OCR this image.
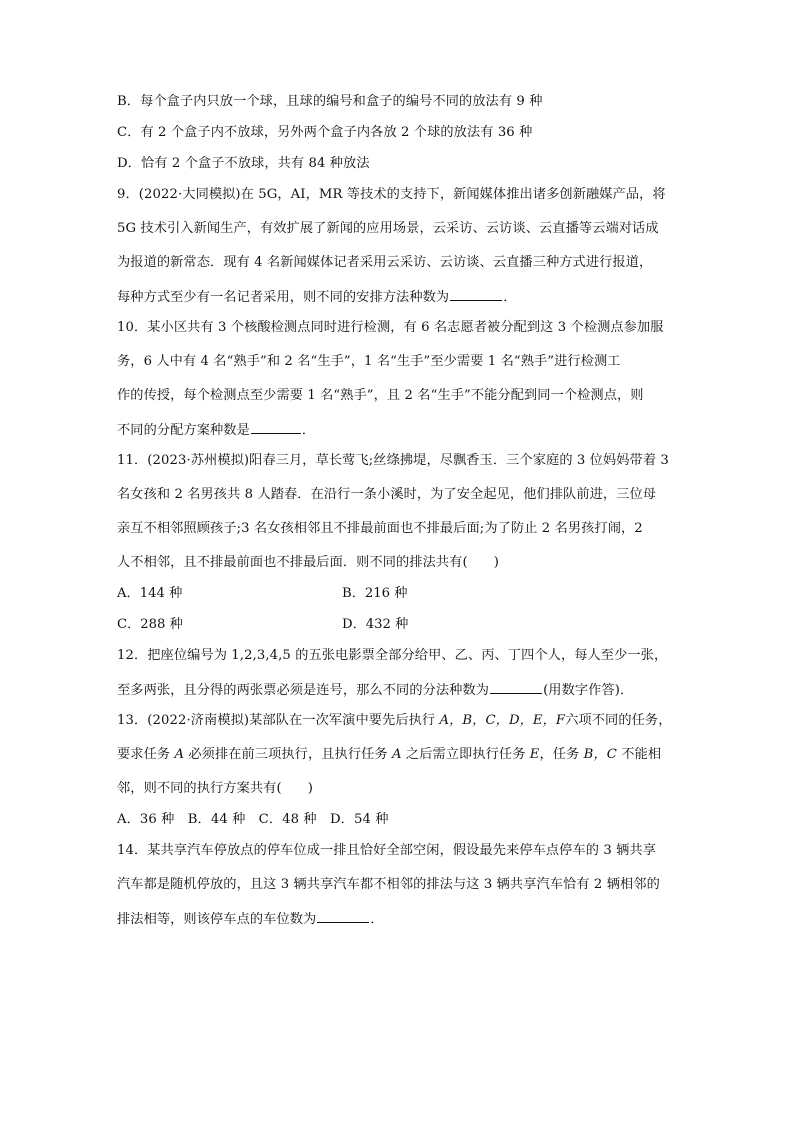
B．每个盒子内只放一个球，且球的编号和盒子的编号不同的放法有 9 种
C．有 2 个盒子内不放球，另外两个盒子内各放 2 个球的放法有 36 种
D．恰有 2 个盒子不放球，共有 84 种放法
9．(2022·大同模拟)在 5G，AI，MR 等技术的支持下，新闻媒体推出诸多创新融媒产品，将
5G 技术引入新闻生产，有效扩展了新闻的应用场景，云采访、云访谈、云直播等云端对话成
为报道的新常态．现有 4 名新闻媒体记者采用云采访、云访谈、云直播三种方式进行报道，
每种方式至少有一名记者采用，则不同的安排方法种数为	．
10．某小区共有 3 个核酸检测点同时进行检测，有 6 名志愿者被分配到这 3 个检测点参加服
务，6 人中有 4 名“熟手”和 2 名“生手”，1 名“生手”至少需要 1 名“熟手”进行检测工
作的传授，每个检测点至少需要 1 名“熟手”，且 2 名“生手”不能分配到同一个检测点，则
不同的分配方案种数是	．
11．(2023·苏州模拟)阳春三月，草长莺飞;丝绦拂堤，尽飘香玉．三个家庭的 3 位妈妈带着 3
名女孩和 2 名男孩共 8 人踏春．在沿行一条小溪时，为了安全起见，他们排队前进，三位母
亲互不相邻照顾孩子;3 名女孩相邻且不排最前面也不排最后面;为了防止 2 名男孩打闹，2
人不相邻，且不排最前面也不排最后面．则不同的排法共有( )
A．144 种	B．216 种
C．288 种	D．432 种
12．把座位编号为 1,2,3,4,5 的五张电影票全部分给甲、乙、丙、丁四个人，每人至少一张，
至多两张，且分得的两张票必须是连号，那么不同的分法种数为	(用数字作答)．
13．(2022·济南模拟)某部队在一次军演中要先后执行 A，B，C，D，E，F六项不同的任务，
要求任务 A 必须排在前三项执行，且执行任务 A 之后需立即执行任务 E，任务 B，C 不能相
邻，则不同的执行方案共有( )
A．36 种　B．44 种　C．48 种　D．54 种
14．某共享汽车停放点的停车位成一排且恰好全部空闲，假设最先来停车点停车的 3 辆共享
汽车都是随机停放的，且这 3 辆共享汽车都不相邻的排法与这 3 辆共享汽车恰有 2 辆相邻的
排法相等，则该停车点的车位数为	．
